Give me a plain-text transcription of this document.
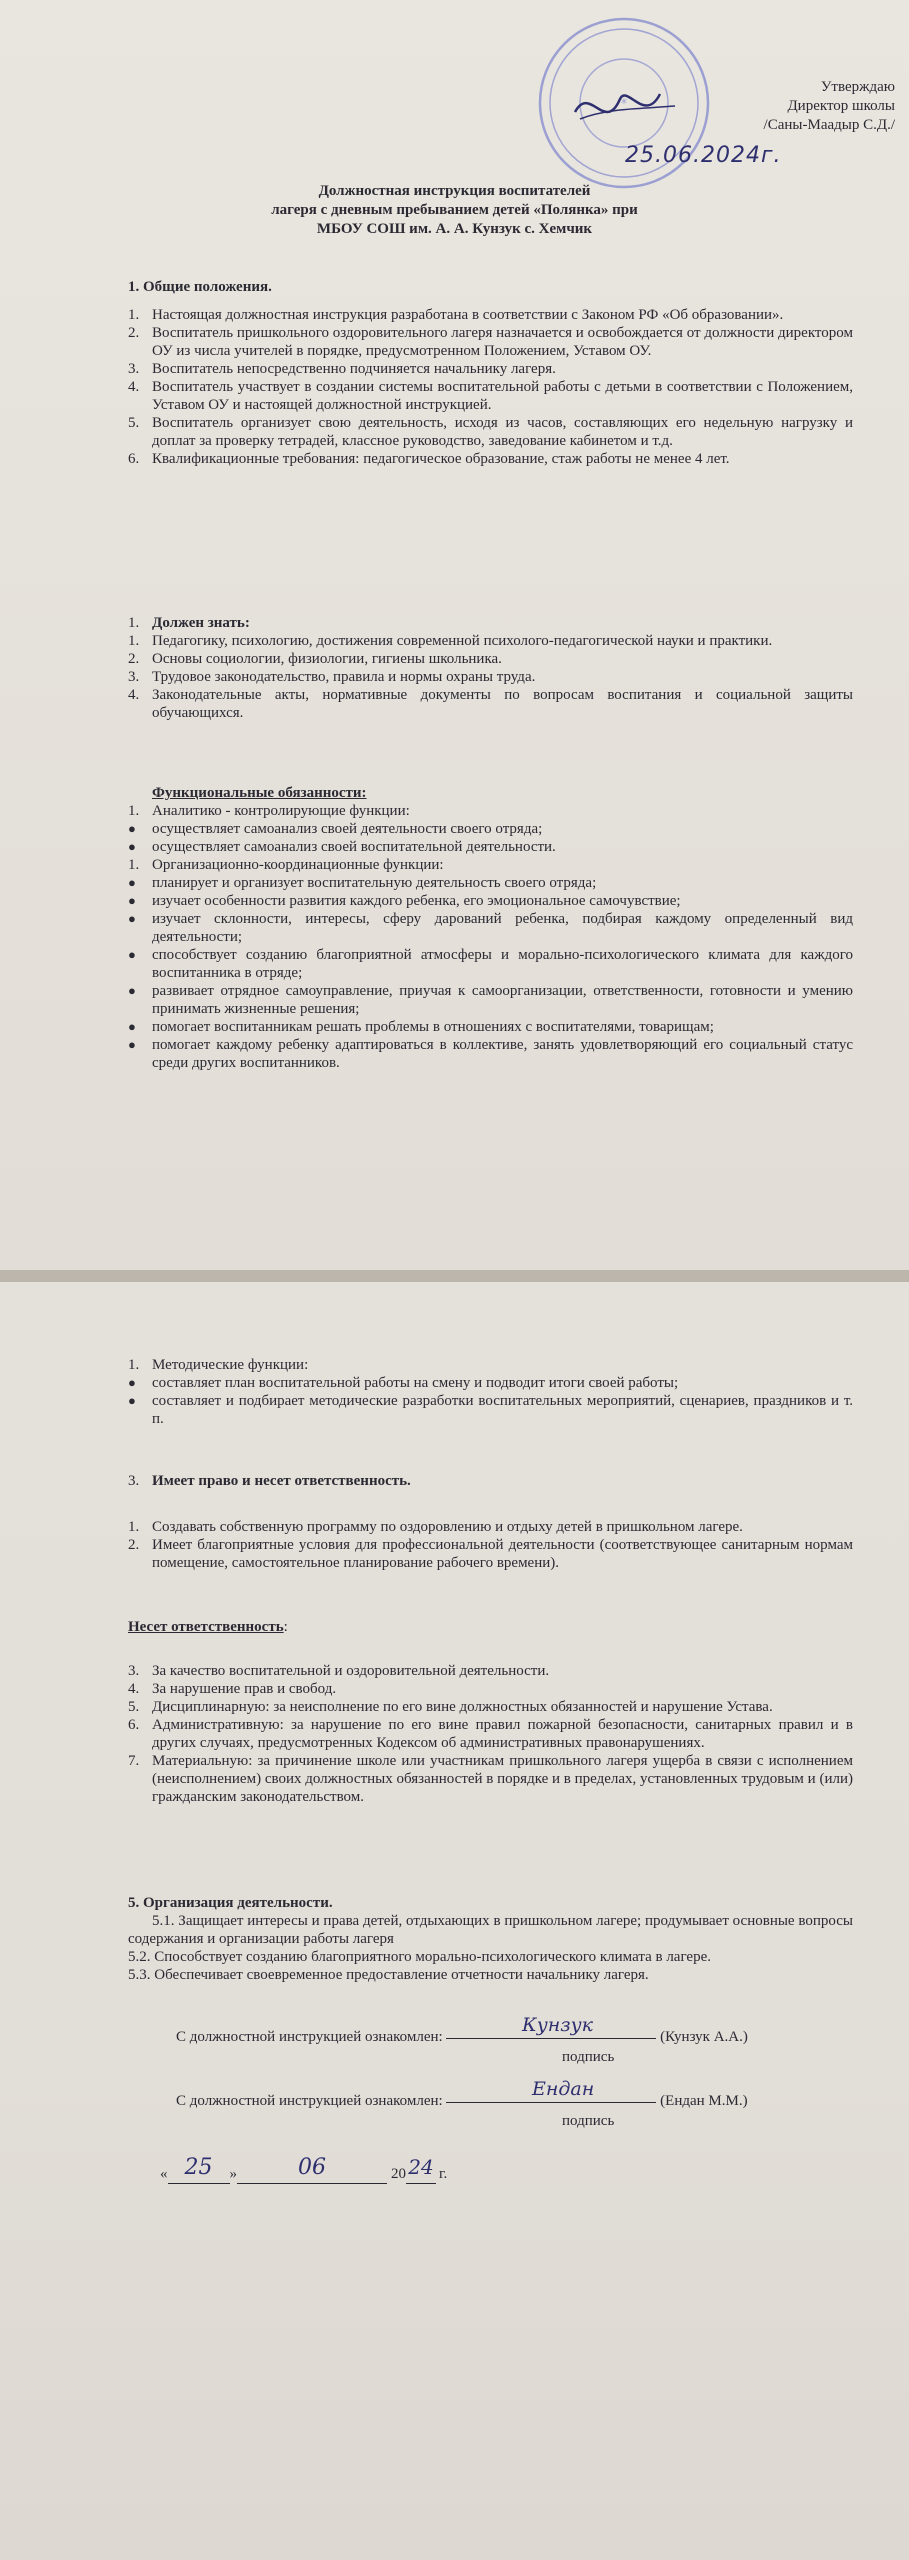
*
Утверждаю
Директор школы
/Саны-Маадыр С.Д./
25.06.2024г.
Должностная инструкция воспитателей
лагеря с дневным пребыванием детей «Полянка» при
МБОУ СОШ им. А. А. Кунзук с. Хемчик
1. Общие положения.
1. Настоящая должностная инструкция разработана в соответствии с Законом РФ «Об образовании».
2. Воспитатель пришкольного оздоровительного лагеря назначается и освобождается от должности директором ОУ из числа учителей в порядке, предусмотренном Положением, Уставом ОУ.
3. Воспитатель непосредственно подчиняется начальнику лагеря.
4. Воспитатель участвует в создании системы воспитательной работы с детьми в соответствии с Положением, Уставом ОУ и настоящей должностной инструкцией.
5. Воспитатель организует свою деятельность, исходя из часов, составляющих его недельную нагрузку и доплат за проверку тетрадей, классное руководство, заведование кабинетом и т.д.
6. Квалификационные требования: педагогическое образование, стаж работы не менее 4 лет.
1. Должен знать:
1. Педагогику, психологию, достижения современной психолого-педагогической науки и практики.
2. Основы социологии, физиологии, гигиены школьника.
3. Трудовое законодательство, правила и нормы охраны труда.
4. Законодательные акты, нормативные документы по вопросам воспитания и социальной защиты обучающихся.
Функциональные обязанности:
1. Аналитико - контролирующие функции:
● осуществляет самоанализ своей деятельности своего отряда;
● осуществляет самоанализ своей воспитательной деятельности.
1. Организационно-координационные функции:
● планирует и организует воспитательную деятельность своего отряда;
● изучает особенности развития каждого ребенка, его эмоциональное самочувствие;
● изучает склонности, интересы, сферу дарований ребенка, подбирая каждому определенный вид деятельности;
● способствует созданию благоприятной атмосферы и морально-психологического климата для каждого воспитанника в отряде;
● развивает отрядное самоуправление, приучая к самоорганизации, ответственности, готовности и умению принимать жизненные решения;
● помогает воспитанникам решать проблемы в отношениях с воспитателями, товарищам;
● помогает каждому ребенку адаптироваться в коллективе, занять удовлетворяющий его социальный статус среди других воспитанников.
1. Методические функции:
● составляет план воспитательной работы на смену и подводит итоги своей работы;
● составляет и подбирает методические разработки воспитательных мероприятий, сценариев, праздников и т. п.
3. Имеет право и несет ответственность.
1. Создавать собственную программу по оздоровлению и отдыху детей в пришкольном лагере.
2. Имеет благоприятные условия для профессиональной деятельности (соответствующее санитарным нормам помещение, самостоятельное планирование рабочего времени).
Несет ответственность:
3. За качество воспитательной и оздоровительной деятельности.
4. За нарушение прав и свобод.
5. Дисциплинарную: за неисполнение по его вине должностных обязанностей и нарушение Устава.
6. Административную: за нарушение по его вине правил пожарной безопасности, санитарных правил и в других случаях, предусмотренных Кодексом об административных правонарушениях.
7. Материальную: за причинение школе или участникам пришкольного лагеря ущерба в связи с исполнением (неисполнением) своих должностных обязанностей в порядке и в пределах, установленных трудовым и (или) гражданским законодательством.
5. Организация деятельности.
5.1. Защищает интересы и права детей, отдыхающих в пришкольном лагере; продумывает основные вопросы содержания и организации работы лагеря
5.2. Способствует созданию благоприятного морально-психологического климата в лагере.
5.3. Обеспечивает своевременное предоставление отчетности начальнику лагеря.
С должностной инструкцией ознакомлен:	(Кунзук А.А.)
Кунзук
подпись
С должностной инструкцией ознакомлен:	(Ендан М.М.)
Ендан
подпись
« 25 »	06	20 24 г.
